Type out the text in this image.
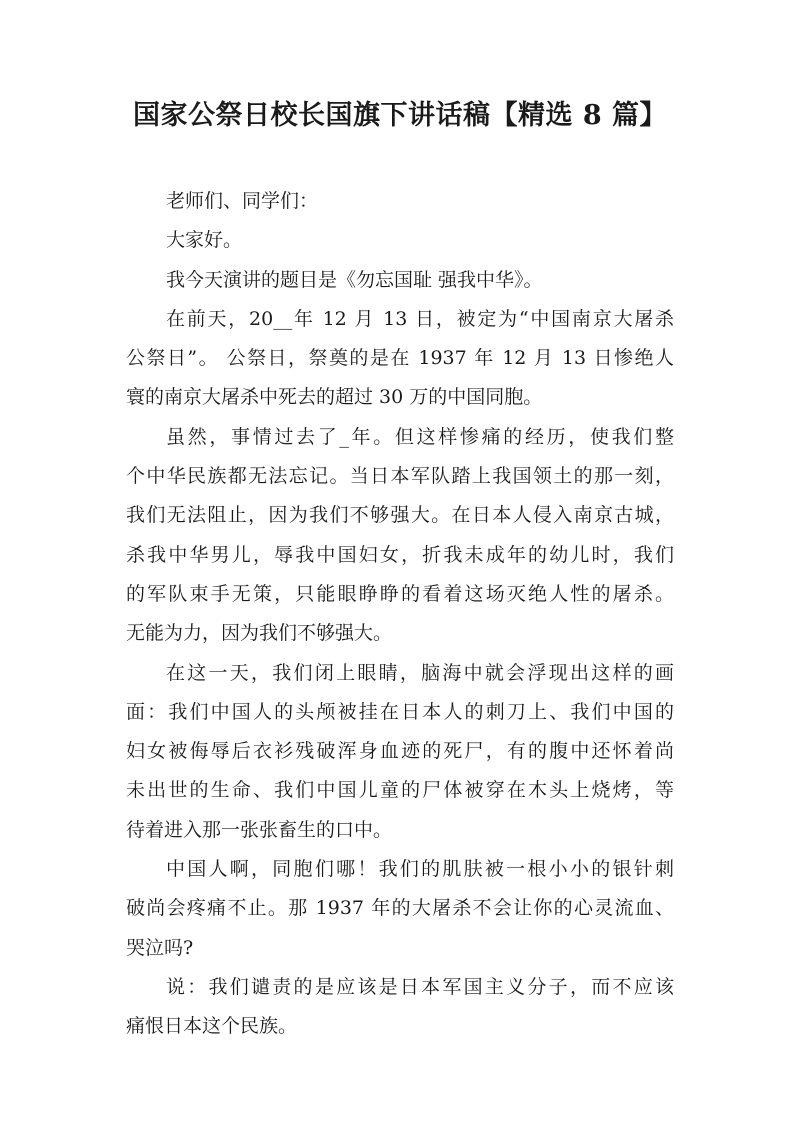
国家公祭日校长国旗下讲话稿【精选 8 篇】
老师们、同学们：
大家好。
我今天演讲的题目是《勿忘国耻 强我中华》。
在前天，20__年 12 月 13 日，被定为“中国南京大屠杀
公祭日”。 公祭日，祭奠的是在 1937 年 12 月 13 日惨绝人
寰的南京大屠杀中死去的超过 30 万的中国同胞。
虽然，事情过去了_年。但这样惨痛的经历，使我们整
个中华民族都无法忘记。当日本军队踏上我国领土的那一刻，
我们无法阻止，因为我们不够强大。在日本人侵入南京古城，
杀我中华男儿，辱我中国妇女，折我未成年的幼儿时，我们
的军队束手无策，只能眼睁睁的看着这场灭绝人性的屠杀。
无能为力，因为我们不够强大。
在这一天，我们闭上眼睛，脑海中就会浮现出这样的画
面：我们中国人的头颅被挂在日本人的刺刀上、我们中国的
妇女被侮辱后衣衫残破浑身血迹的死尸，有的腹中还怀着尚
未出世的生命、我们中国儿童的尸体被穿在木头上烧烤，等
待着进入那一张张畜生的口中。
中国人啊，同胞们哪！我们的肌肤被一根小小的银针刺
破尚会疼痛不止。那 1937 年的大屠杀不会让你的心灵流血、
哭泣吗?
说：我们谴责的是应该是日本军国主义分子，而不应该
痛恨日本这个民族。
